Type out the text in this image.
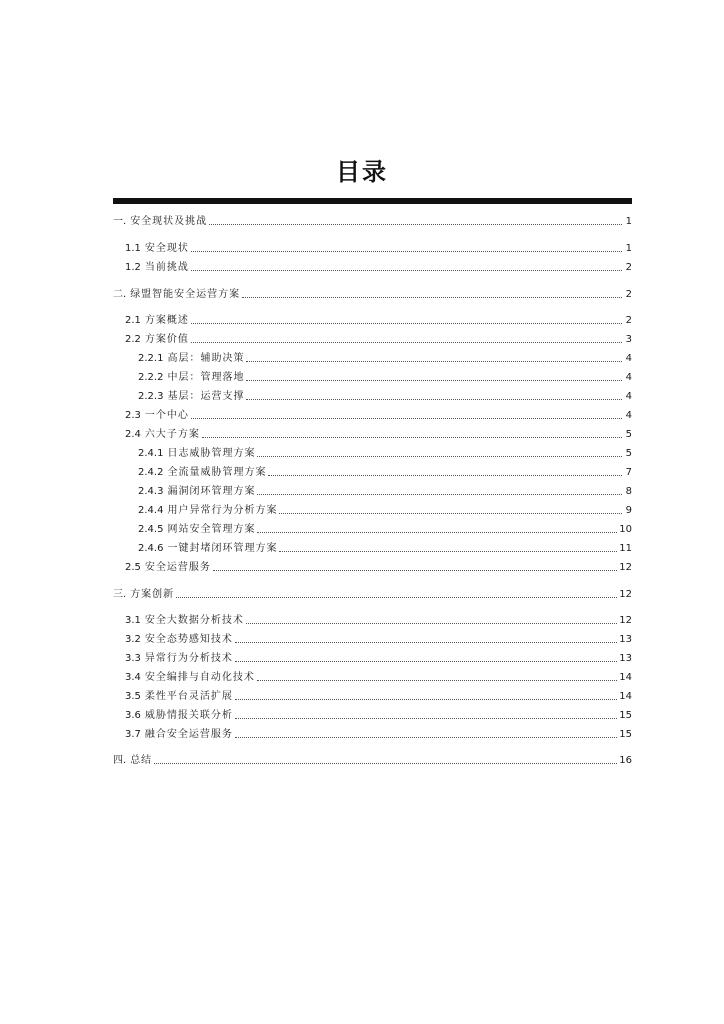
目录
一. 安全现状及挑战	1
1.1 安全现状	1
1.2 当前挑战	2
二. 绿盟智能安全运营方案	2
2.1 方案概述	2
2.2 方案价值	3
2.2.1 高层：辅助决策	4
2.2.2 中层：管理落地	4
2.2.3 基层：运营支撑	4
2.3 一个中心	4
2.4 六大子方案	5
2.4.1 日志威胁管理方案	5
2.4.2 全流量威胁管理方案	7
2.4.3 漏洞闭环管理方案	8
2.4.4 用户异常行为分析方案	9
2.4.5 网站安全管理方案	10
2.4.6 一键封堵闭环管理方案	11
2.5 安全运营服务	12
三. 方案创新	12
3.1 安全大数据分析技术	12
3.2 安全态势感知技术	13
3.3 异常行为分析技术	13
3.4 安全编排与自动化技术	14
3.5 柔性平台灵活扩展	14
3.6 威胁情报关联分析	15
3.7 融合安全运营服务	15
四. 总结	16
